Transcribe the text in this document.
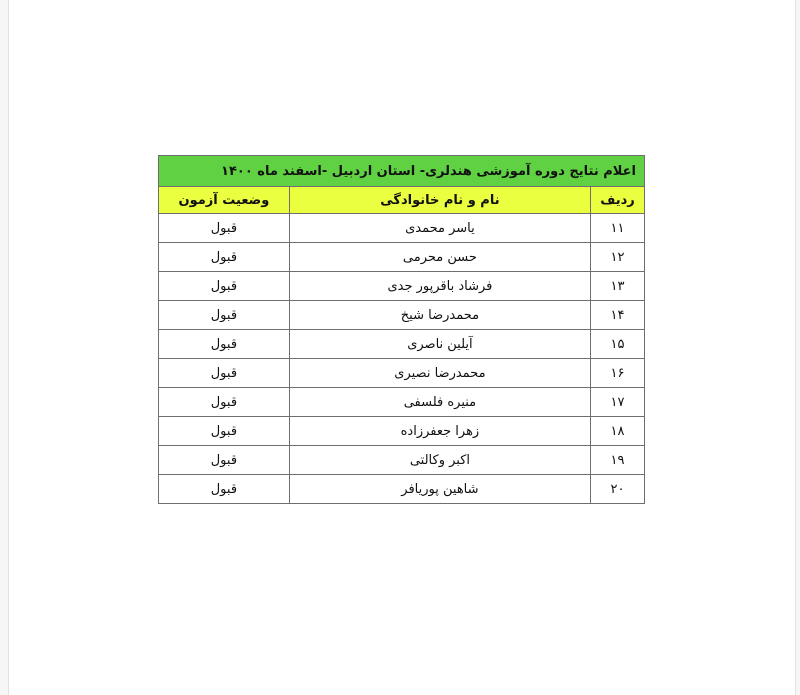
اعلام نتایج دوره آموزشی هندلری- استان اردبیل -اسفند ماه ۱۴۰۰		
ردیف	نام و نام خانوادگی	وضعیت آزمون
۱۱	یاسر محمدی	قبول
۱۲	حسن محرمی	قبول
۱۳	فرشاد باقرپور جدی	قبول
۱۴	محمدرضا شیخ	قبول
۱۵	آیلین ناصری	قبول
۱۶	محمدرضا نصیری	قبول
۱۷	منیره فلسفی	قبول
۱۸	زهرا جعفرزاده	قبول
۱۹	اکبر وکالتی	قبول
۲۰	شاهین پوریافر	قبول
